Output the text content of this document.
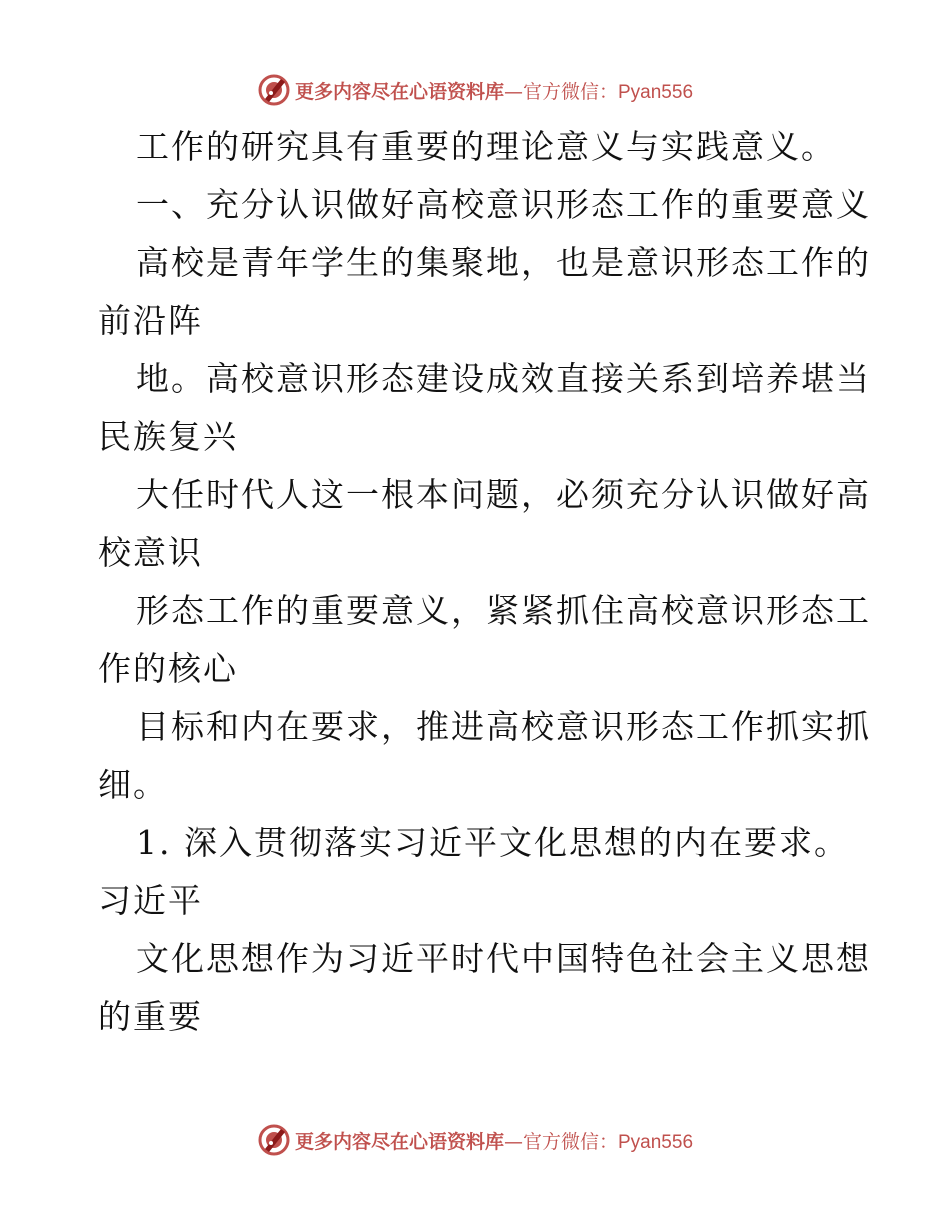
更多内容尽在心语资料库—官方微信：Pyan556
工作的研究具有重要的理论意义与实践意义。
一、充分认识做好高校意识形态工作的重要意义
高校是青年学生的集聚地，也是意识形态工作的
前沿阵
地。高校意识形态建设成效直接关系到培养堪当
民族复兴
大任时代人这一根本问题，必须充分认识做好高
校意识
形态工作的重要意义，紧紧抓住高校意识形态工
作的核心
目标和内在要求，推进高校意识形态工作抓实抓
细。
1. 深入贯彻落实习近平文化思想的内在要求。
习近平
文化思想作为习近平时代中国特色社会主义思想
的重要
更多内容尽在心语资料库—官方微信：Pyan556
